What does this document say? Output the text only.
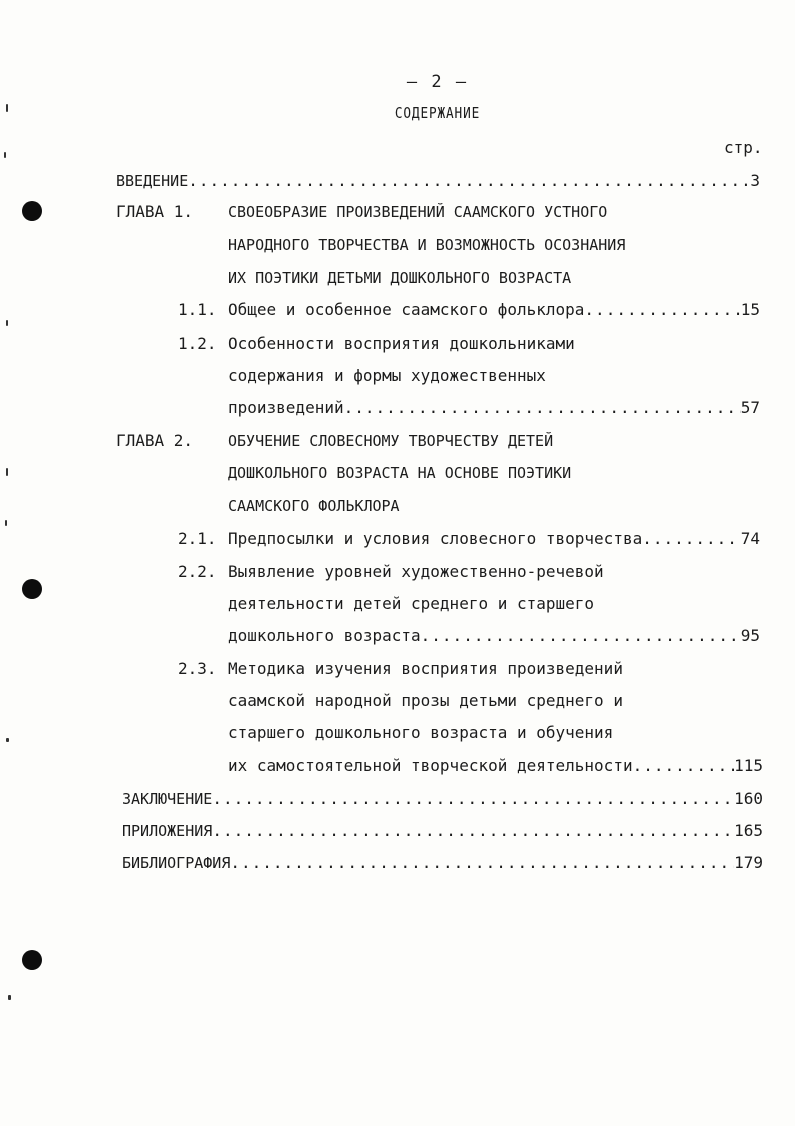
– 2 –
СОДЕРЖАНИЕ
стр.
ВВЕДЕНИЕ .....	3
ГЛАВА 1. СВОЕОБРАЗИЕ ПРОИЗВЕДЕНИЙ СААМСКОГО УСТНОГО
НАРОДНОГО ТВОРЧЕСТВА И ВОЗМОЖНОСТЬ ОСОЗНАНИЯ
ИХ ПОЭТИКИ ДЕТЬМИ ДОШКОЛЬНОГО ВОЗРАСТА
1.1. Общее и особенное саамского фольклора .....	15
1.2. Особенности восприятия дошкольниками
содержания и формы художественных
произведений .....	57
ГЛАВА 2. ОБУЧЕНИЕ СЛОВЕСНОМУ ТВОРЧЕСТВУ ДЕТЕЙ
ДОШКОЛЬНОГО ВОЗРАСТА НА ОСНОВЕ ПОЭТИКИ
СААМСКОГО ФОЛЬКЛОРА
2.1. Предпосылки и условия словесного творчества .....	74
2.2. Выявление уровней художественно-речевой
деятельности детей среднего и старшего
дошкольного возраста .....	95
2.3. Методика изучения восприятия произведений
саамской народной прозы детьми среднего и
старшего дошкольного возраста и обучения
их самостоятельной творческой деятельности .....	115
ЗАКЛЮЧЕНИЕ .....	160
ПРИЛОЖЕНИЯ .....	165
БИБЛИОГРАФИЯ .....	179
